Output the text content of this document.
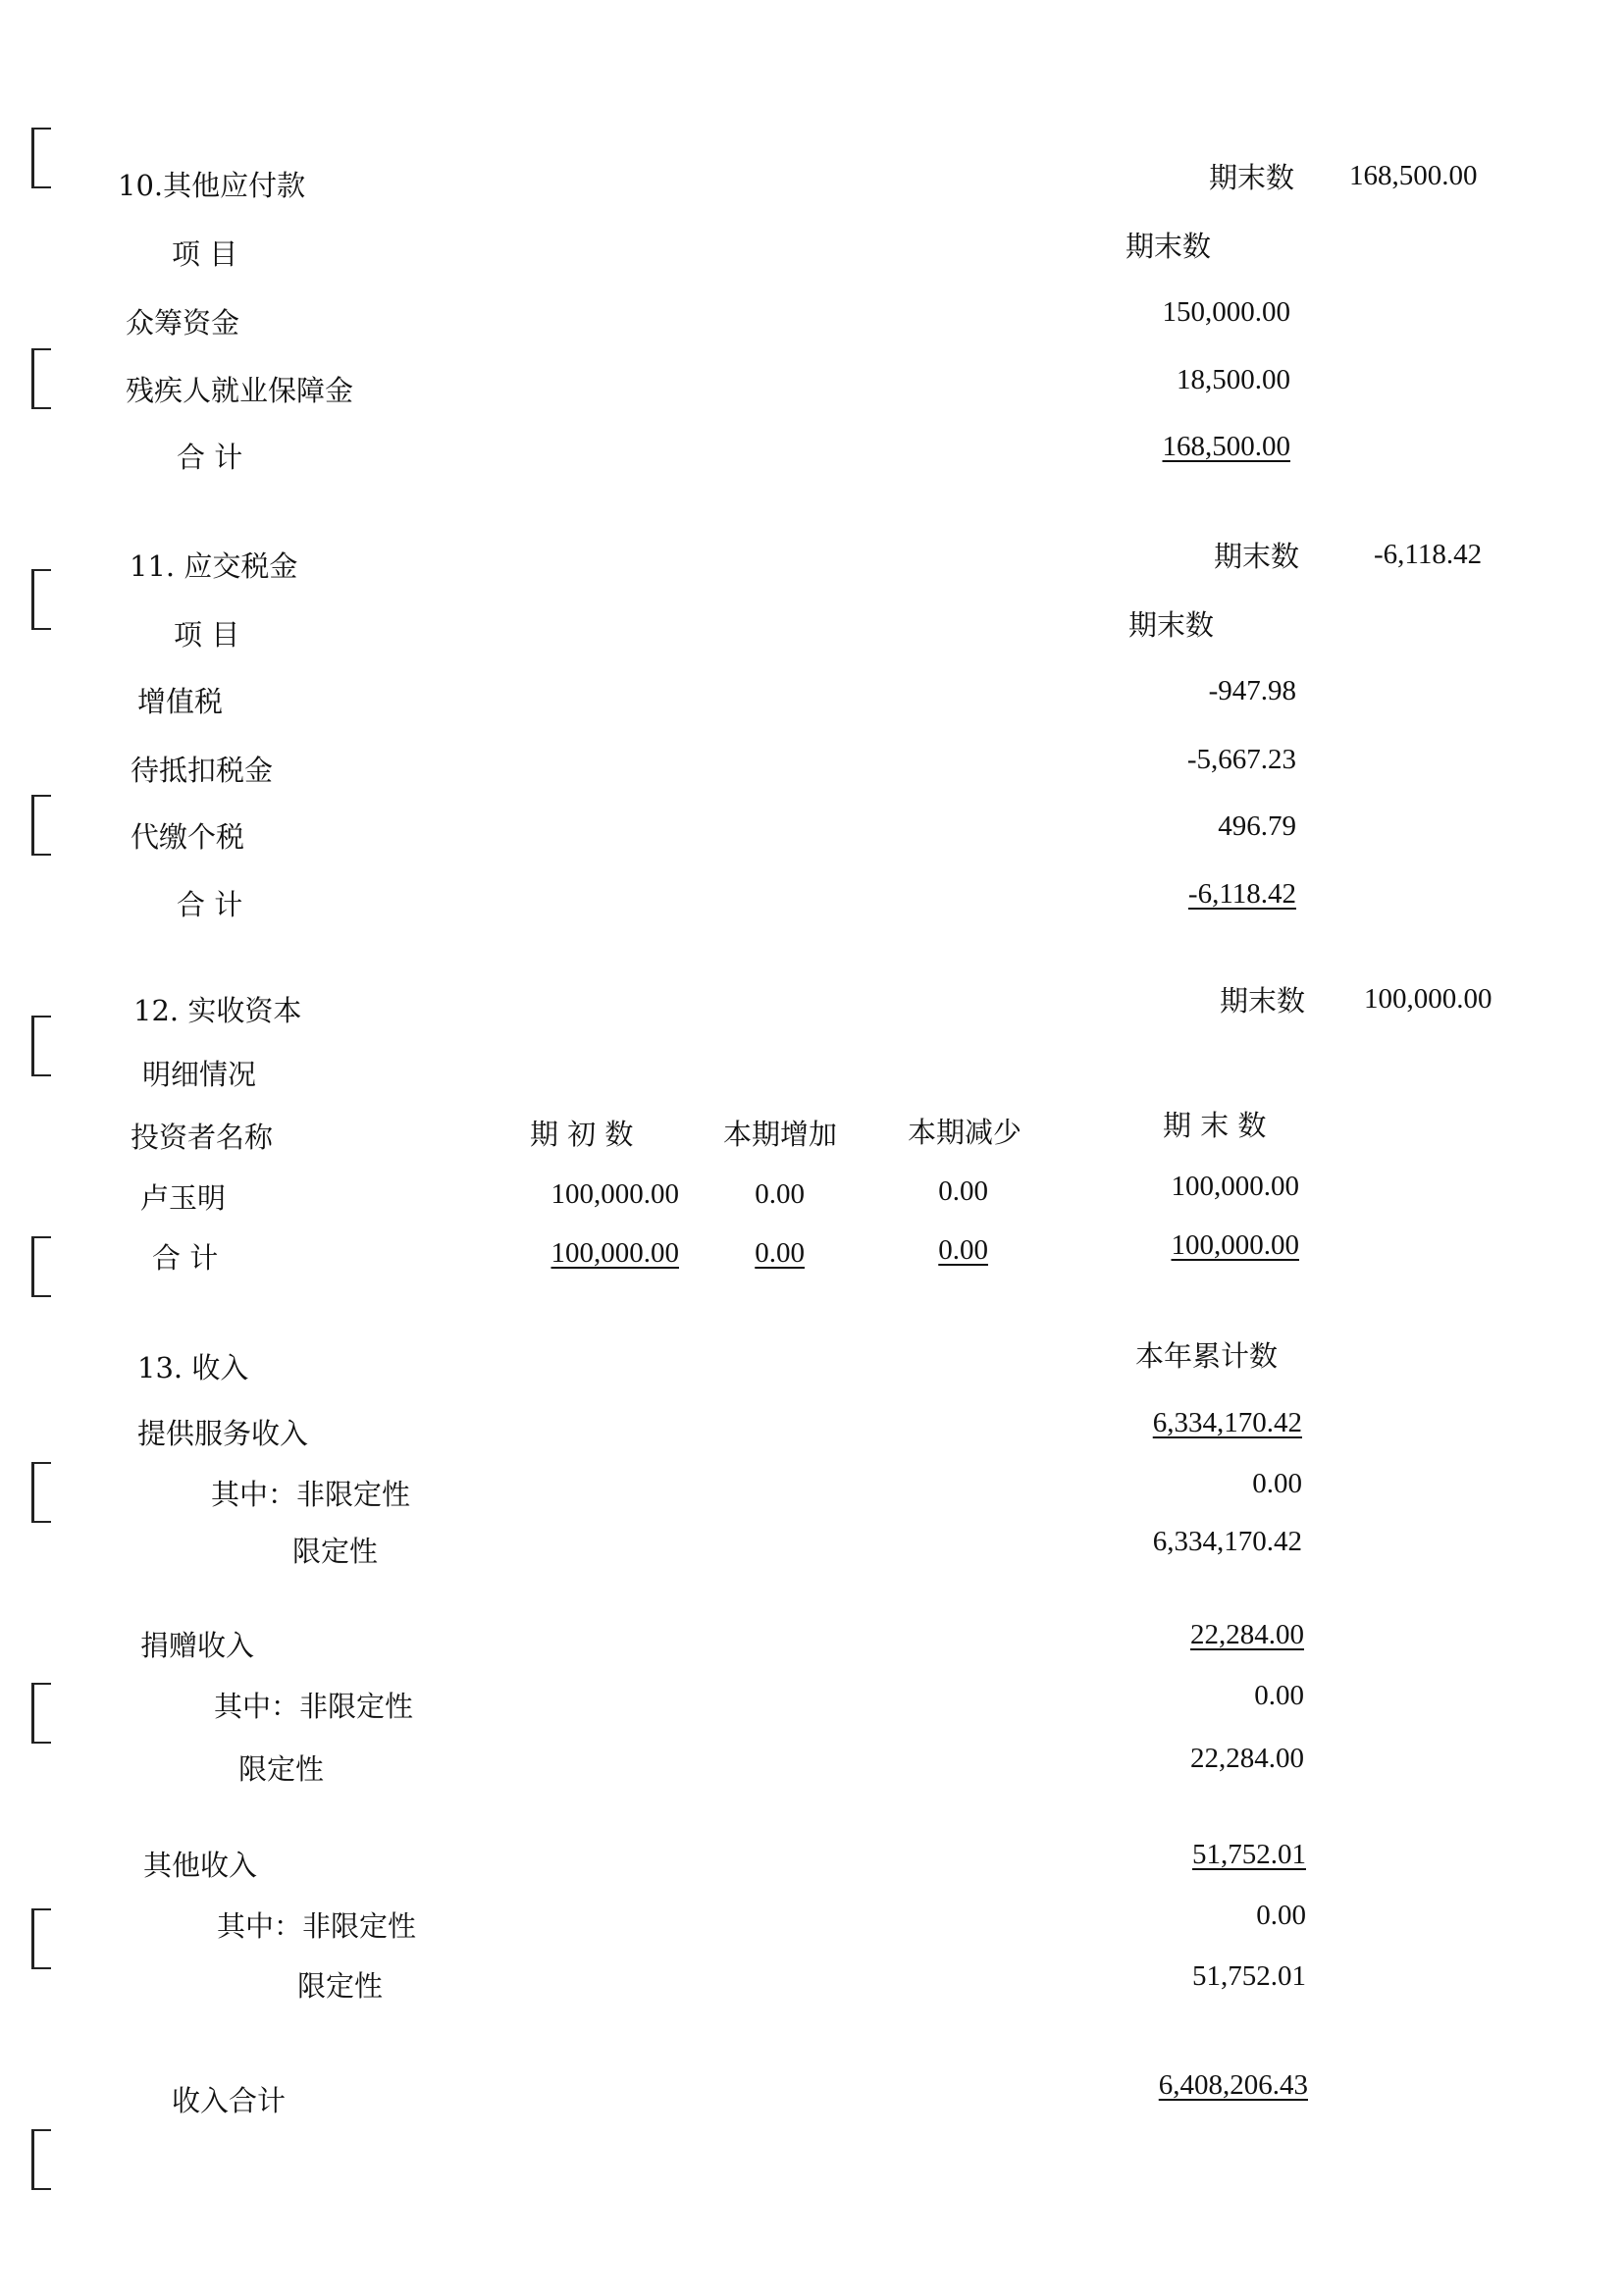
10.其他应付款	期末数 168,500.00
项 目	期末数
众筹资金	150,000.00
残疾人就业保障金	18,500.00
合 计	168,500.00
11. 应交税金	期末数	-6,118.42
项 目	期末数
增值税	-947.98
待抵扣税金	-5,667.23
代缴个税	496.79
合 计	-6,118.42
12. 实收资本	期末数 100,000.00
明细情况
投资者名称	期 初 数	本期增加 本期减少	期 末 数
卢玉明	100,000.00	0.00	0.00	100,000.00
合 计	100,000.00	0.00	0.00	100,000.00
13. 收入	本年累计数
提供服务收入	6,334,170.42
其中：非限定性	0.00
限定性	6,334,170.42
捐赠收入	22,284.00
其中：非限定性	0.00
限定性	22,284.00
其他收入	51,752.01
其中：非限定性	0.00
限定性	51,752.01
收入合计	6,408,206.43
